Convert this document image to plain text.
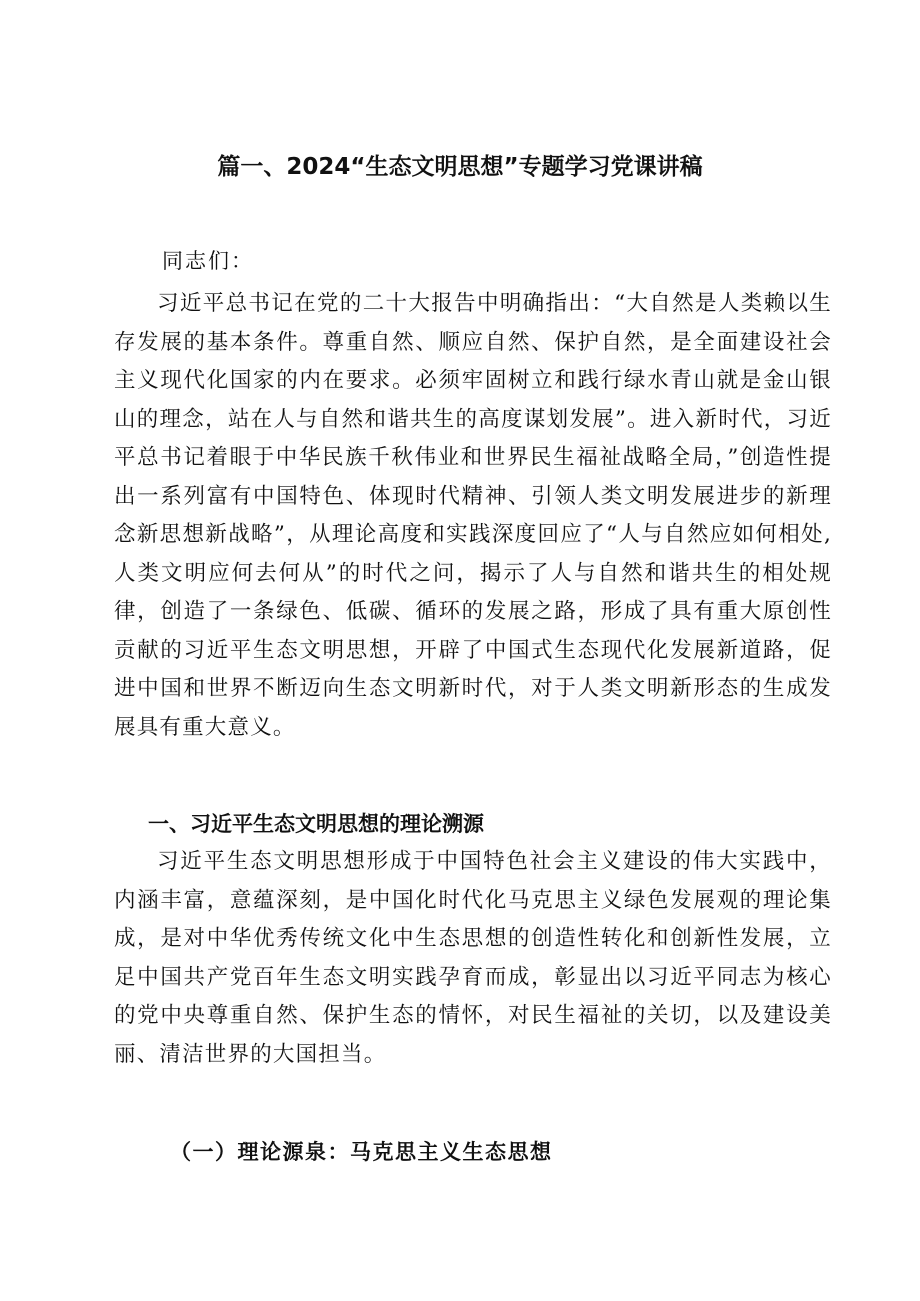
篇一、2024“生态文明思想”专题学习党课讲稿

同志们：

习近平总书记在党的二十大报告中明确指出：“大自然是人类赖以生存发展的基本条件。尊重自然、顺应自然、保护自然，是全面建设社会主义现代化国家的内在要求。必须牢固树立和践行绿水青山就是金山银山的理念，站在人与自然和谐共生的高度谋划发展”。进入新时代，习近平总书记着眼于中华民族千秋伟业和世界民生福祉战略全局，”创造性提出一系列富有中国特色、体现时代精神、引领人类文明发展进步的新理念新思想新战略”，从理论高度和实践深度回应了“人与自然应如何相处,人类文明应何去何从”的时代之问，揭示了人与自然和谐共生的相处规律，创造了一条绿色、低碳、循环的发展之路，形成了具有重大原创性贡献的习近平生态文明思想，开辟了中国式生态现代化发展新道路，促进中国和世界不断迈向生态文明新时代，对于人类文明新形态的生成发展具有重大意义。

一、习近平生态文明思想的理论溯源

习近平生态文明思想形成于中国特色社会主义建设的伟大实践中，内涵丰富，意蕴深刻，是中国化时代化马克思主义绿色发展观的理论集成，是对中华优秀传统文化中生态思想的创造性转化和创新性发展，立足中国共产党百年生态文明实践孕育而成，彰显出以习近平同志为核心的党中央尊重自然、保护生态的情怀，对民生福祉的关切，以及建设美丽、清洁世界的大国担当。

（一）理论源泉：马克思主义生态思想
